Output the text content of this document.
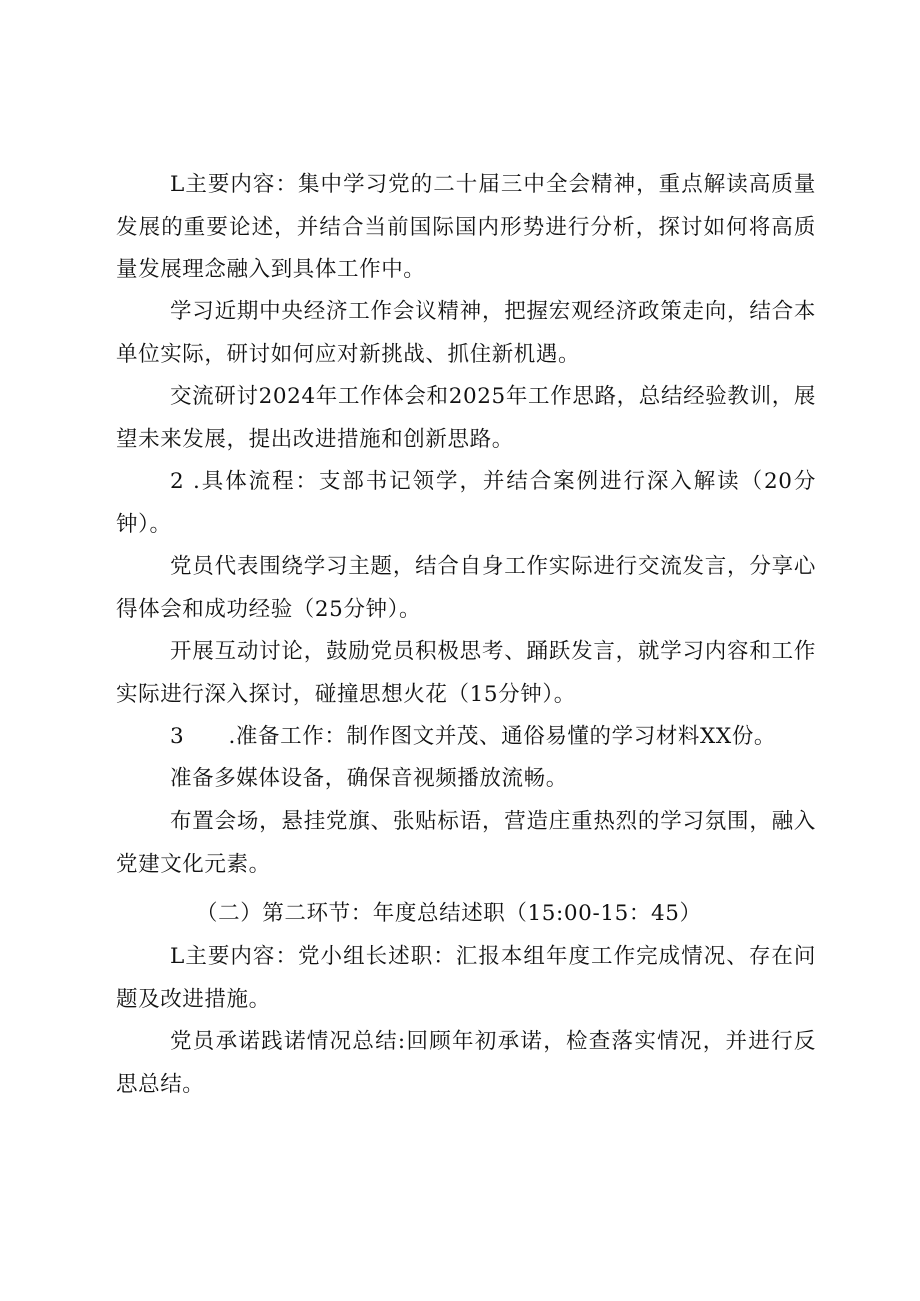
L主要内容：集中学习党的二十届三中全会精神，重点解读高质量发展的重要论述，并结合当前国际国内形势进行分析，探讨如何将高质量发展理念融入到具体工作中。

学习近期中央经济工作会议精神，把握宏观经济政策走向，结合本单位实际，研讨如何应对新挑战、抓住新机遇。

交流研讨2024年工作体会和2025年工作思路，总结经验教训，展望未来发展，提出改进措施和创新思路。

2 .具体流程：支部书记领学，并结合案例进行深入解读（20分钟）。

党员代表围绕学习主题，结合自身工作实际进行交流发言，分享心得体会和成功经验（25分钟）。

开展互动讨论，鼓励党员积极思考、踊跃发言，就学习内容和工作实际进行深入探讨，碰撞思想火花（15分钟）。

3  .准备工作：制作图文并茂、通俗易懂的学习材料XX份。

准备多媒体设备，确保音视频播放流畅。

布置会场，悬挂党旗、张贴标语，营造庄重热烈的学习氛围，融入党建文化元素。

（二）第二环节：年度总结述职（15:00-15：45）

L主要内容：党小组长述职：汇报本组年度工作完成情况、存在问题及改进措施。

党员承诺践诺情况总结:回顾年初承诺，检查落实情况，并进行反思总结。
